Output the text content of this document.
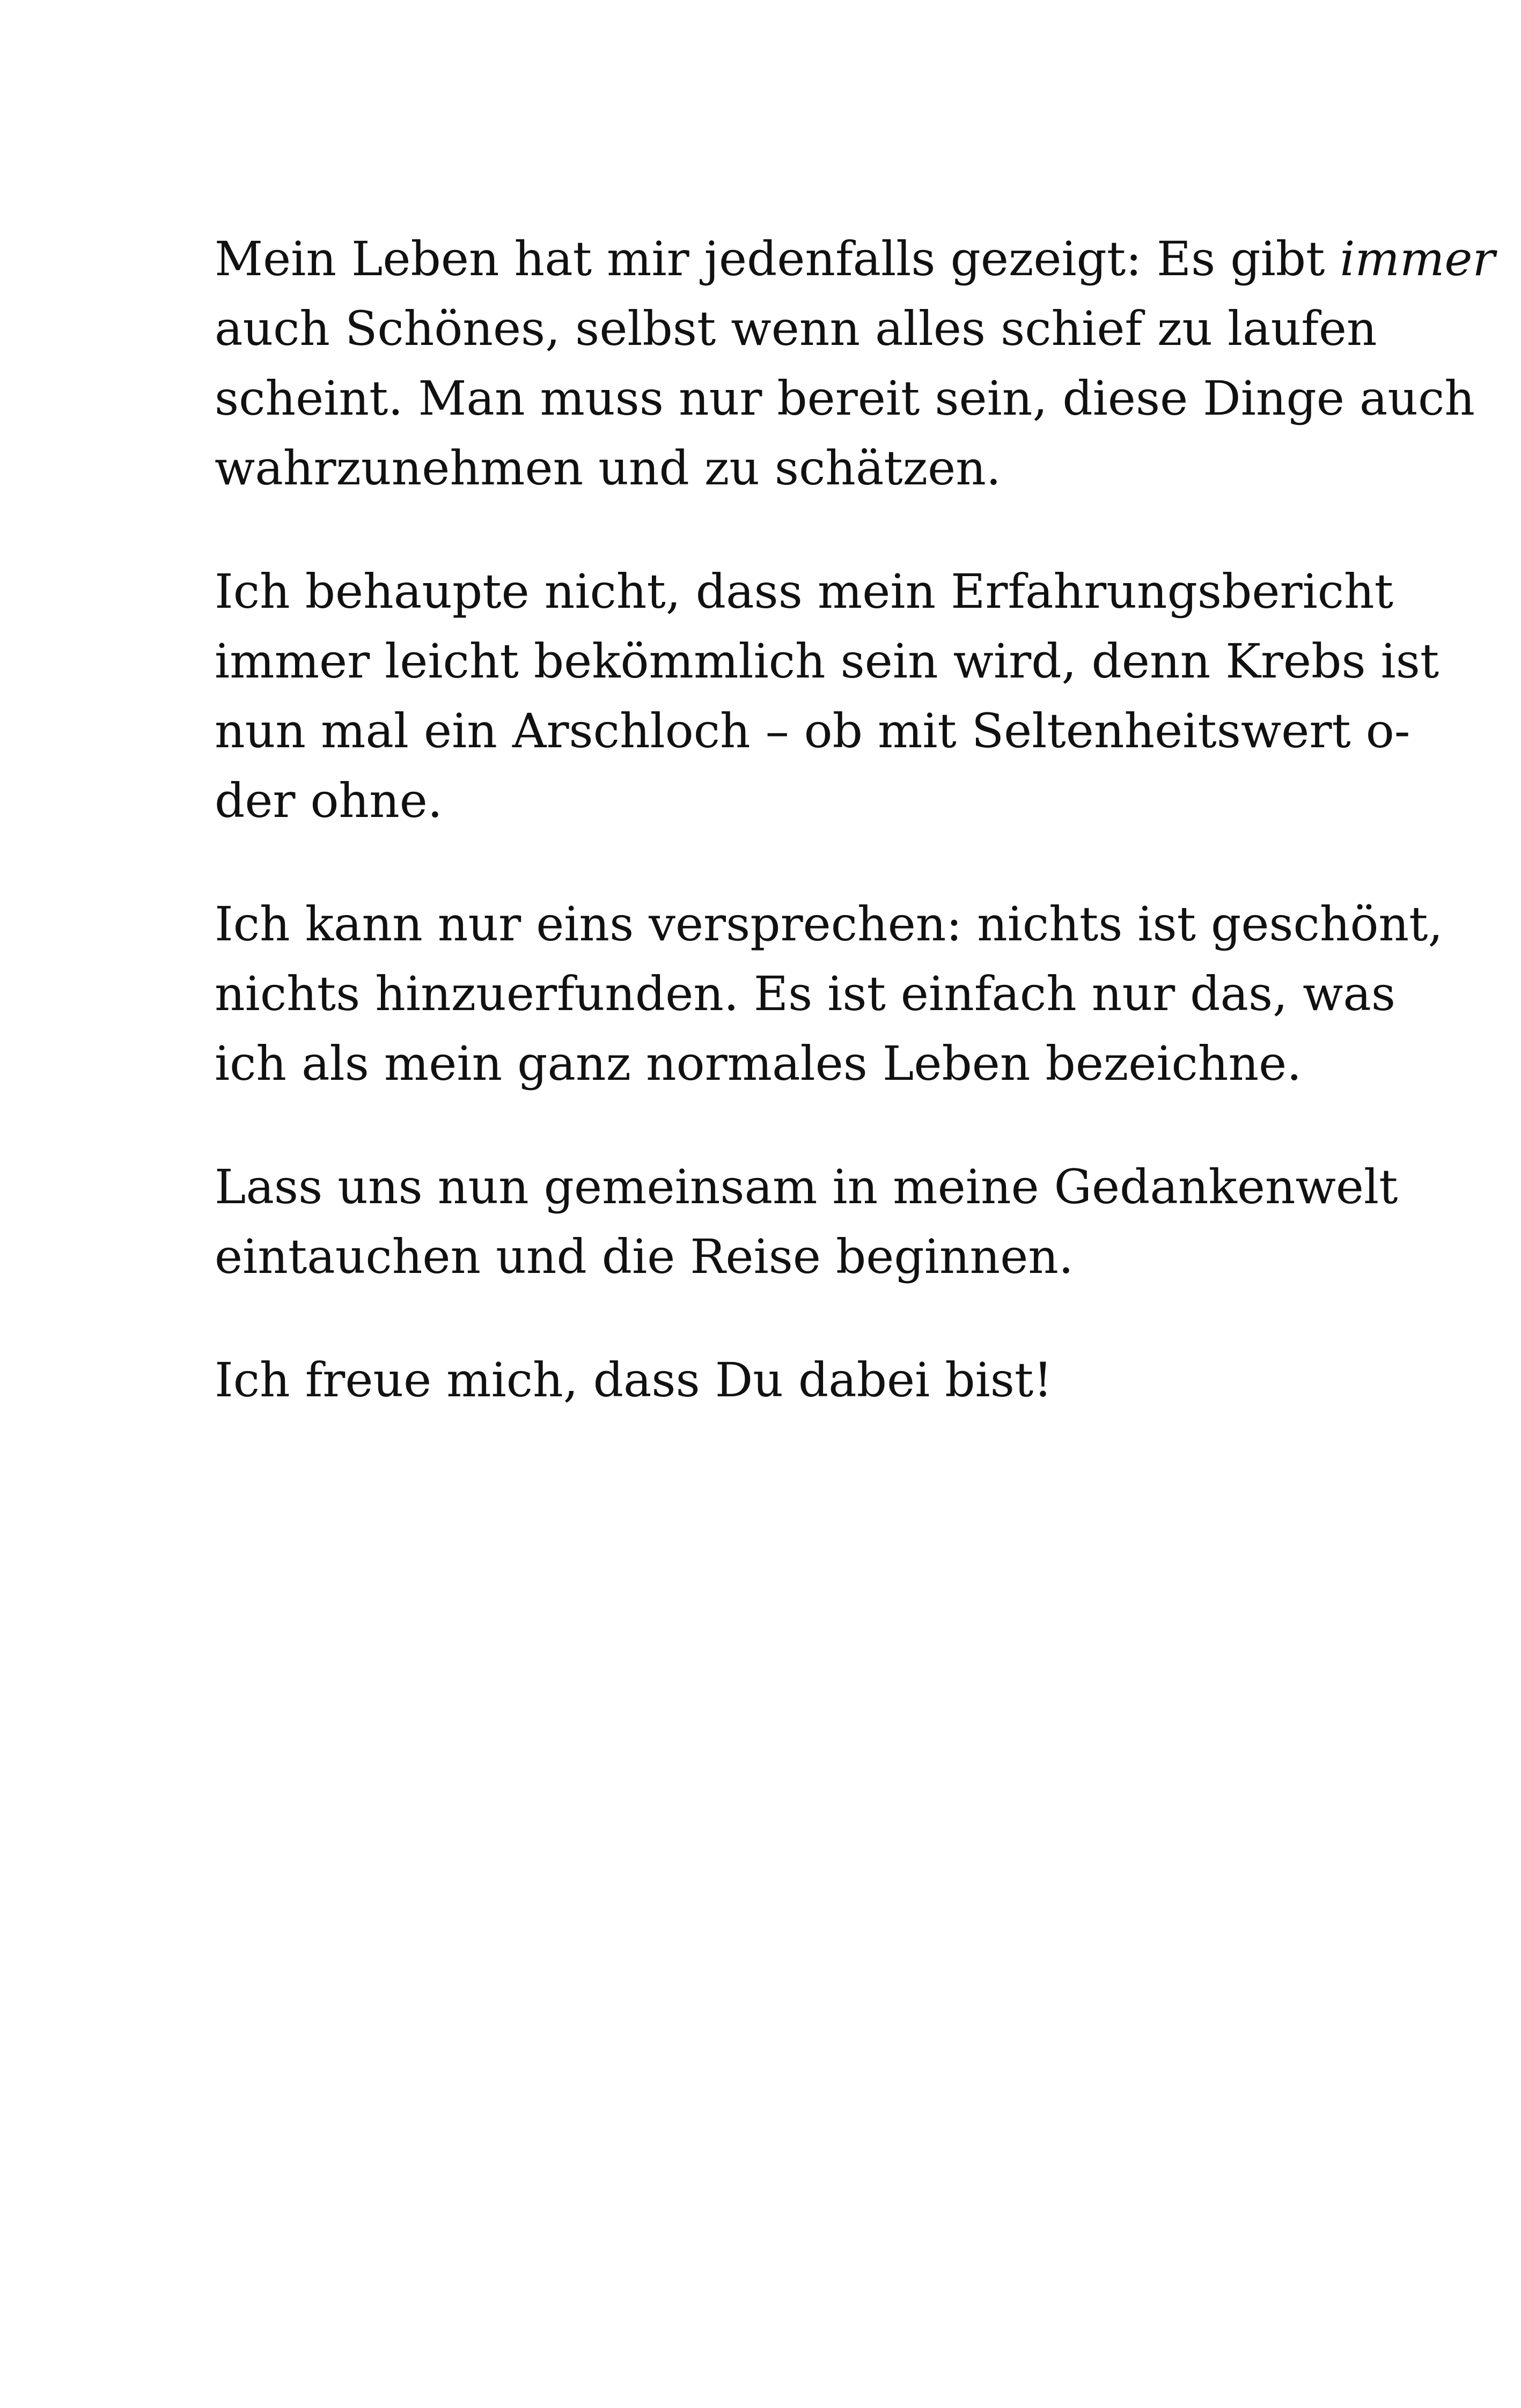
Mein Leben hat mir jedenfalls gezeigt: Es gibt immer
auch Schönes, selbst wenn alles schief zu laufen
scheint. Man muss nur bereit sein, diese Dinge auch
wahrzunehmen und zu schätzen.

Ich behaupte nicht, dass mein Erfahrungsbericht
immer leicht bekömmlich sein wird, denn Krebs ist
nun mal ein Arschloch – ob mit Seltenheitswert o-
der ohne.

Ich kann nur eins versprechen: nichts ist geschönt,
nichts hinzuerfunden. Es ist einfach nur das, was
ich als mein ganz normales Leben bezeichne.

Lass uns nun gemeinsam in meine Gedankenwelt
eintauchen und die Reise beginnen.

Ich freue mich, dass Du dabei bist!
